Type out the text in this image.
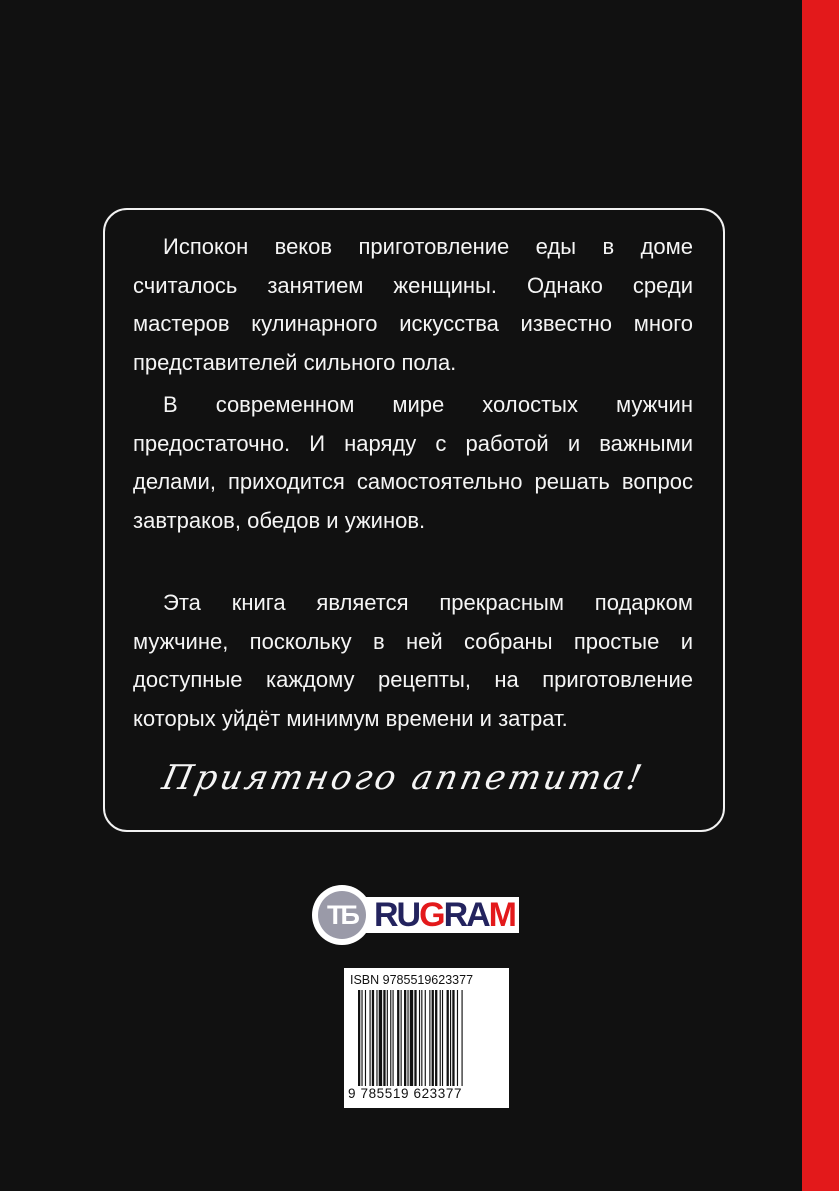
Испокон веков приготовление еды в доме считалось занятием женщины. Однако среди мастеров кулинарного искусства известно много представителей сильного пола.

В современном мире холостых мужчин предостаточно. И наряду с работой и важными делами, приходится самостоятельно решать вопрос завтраков, обедов и ужинов.

Эта книга является прекрасным подарком мужчине, поскольку в ней собраны простые и доступные каждому рецепты, на приготовление которых уйдёт минимум времени и затрат.

Приятного аппетита!
RUGRAM
ТБ
ISBN 9785519623377
9 785519 623377
